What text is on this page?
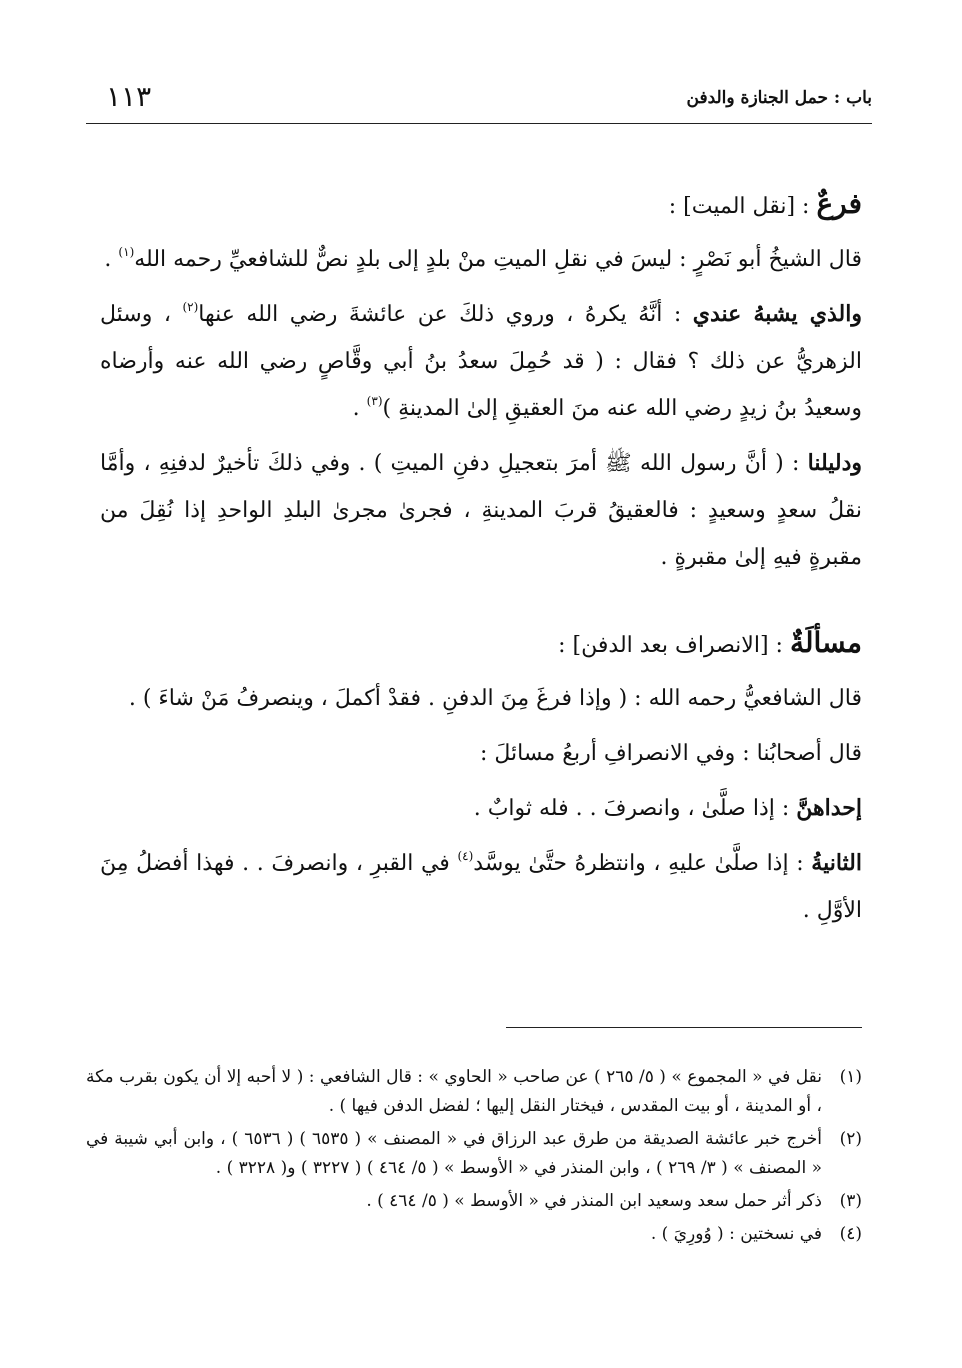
باب : حمل الجنازة والدفن
١١٣
فرعٌ : [نقل الميت] :

قال الشيخُ أبو نَصْرٍ : ليسَ في نقلِ الميتِ منْ بلدٍ إلى بلدٍ نصٌّ للشافعيِّ رحمه الله$^{(١)}$ .

والذي يشبهُ عندي : أنَّهُ يكرهُ ، وروي ذلكَ عن عائشةَ رضي الله عنها$^{(٢)}$ ، وسئل الزهريُّ عن ذلك ؟ فقال : ( قد حُمِلَ سعدُ بنُ أبي وقَّاصٍ رضي الله عنه وأرضاه وسعيدُ بنُ زيدٍ رضي الله عنه منَ العقيقِ إلىٰ المدينةِ )$^{(٣)}$ .

ودليلنا : ( أنَّ رسول الله ﷺ أمرَ بتعجيلِ دفنِ الميتِ ) . وفي ذلكَ تأخيرٌ لدفنِهِ ، وأمَّا نقلُ سعدٍ وسعيدٍ : فالعقيقُ قربَ المدينةِ ، فجرىٰ مجرىٰ البلدِ الواحدِ إذا نُقِلَ من مقبرةٍ فيهِ إلىٰ مقبرةٍ .

مسألَةٌ : [الانصراف بعد الدفن] :

قال الشافعيُّ رحمه الله : ( وإذا فرغَ مِنَ الدفنِ . فقدْ أكملَ ، وينصرفُ مَنْ شاءَ ) .

قال أصحابُنا : وفي الانصرافِ أربعُ مسائلَ :

إحداهنَّ : إذا صلَّىٰ ، وانصرفَ . . فله ثوابٌ .

الثانيةُ : إذا صلَّىٰ عليهِ ، وانتظرهُ حتَّىٰ يوسَّد$^{(٤)}$ في القبرِ ، وانصرفَ . . فهذا أفضلُ مِنَ الأوَّلِ .

(١)
نقل في « المجموع » ( ٥/ ٢٦٥ ) عن صاحب « الحاوي » : قال الشافعي : ( لا أحبه إلا أن يكون بقرب مكة ، أو المدينة ، أو بيت المقدس ، فيختار النقل إليها ؛ لفضل الدفن فيها ) .
(٢)
أخرج خبر عائشة الصديقة من طرق عبد الرزاق في « المصنف » ( ٦٥٣٥ ) ( ٦٥٣٦ ) ، وابن أبي شيبة في « المصنف » ( ٣/ ٢٦٩ ) ، وابن المنذر في « الأوسط » ( ٥/ ٤٦٤ ) ( ٣٢٢٧ ) و( ٣٢٢٨ ) .
(٣)
ذكر أثر حمل سعد وسعيد ابن المنذر في « الأوسط » ( ٥/ ٤٦٤ ) .
(٤)
في نسختين : ( وُورِيَ ) .
